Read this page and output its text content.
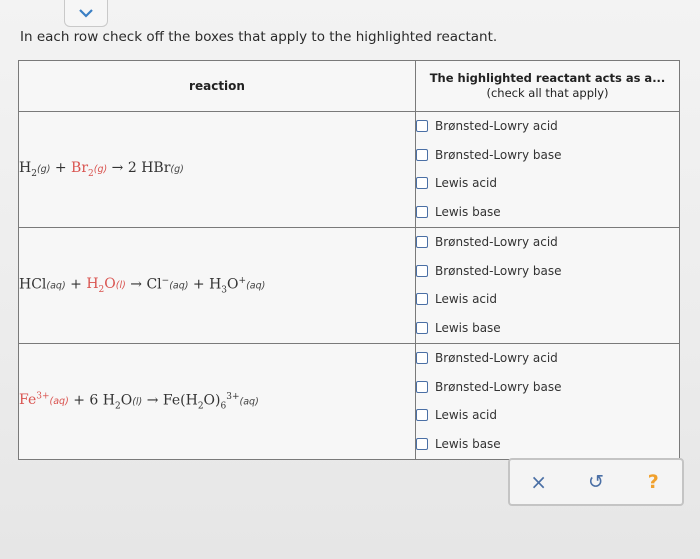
In each row check off the boxes that apply to the highlighted reactant.
reaction	The highlighted reactant acts as a...
(check all that apply)

$H_2(g) + Br_2(g) \to 2$ HBr(g)	Brønsted-Lowry acid
Brønsted-Lowry base
Lewis acid
Lewis base

$HCl(aq) + H_2O(l) \to Cl^-(aq) + H_3O^+(aq)$	Brønsted-Lowry acid
Brønsted-Lowry base
Lewis acid
Lewis base

$Fe^{3+}(aq) + 6$ $H_2O(l) \to Fe(H_2O)_6^{3+}(aq)$	Brønsted-Lowry acid
Brønsted-Lowry base
Lewis acid
Lewis base
× ↺ ?
